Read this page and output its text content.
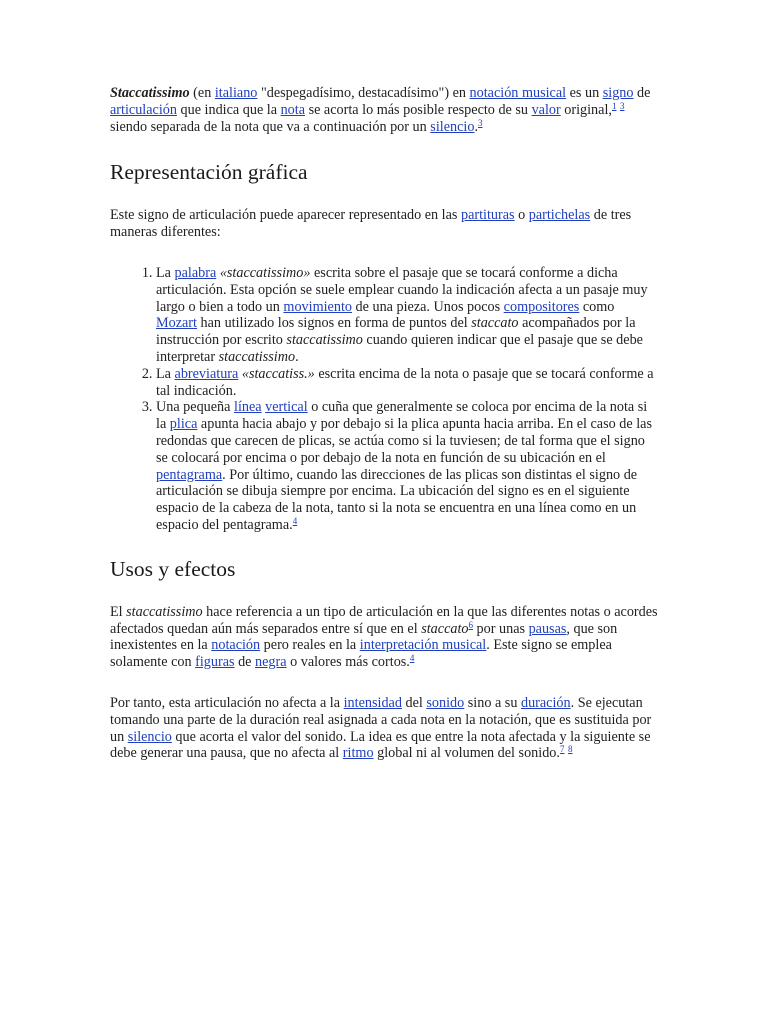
Staccatissimo (en italiano "despegadísimo, destacadísimo") en notación musical es un signo de articulación que indica que la nota se acorta lo más posible respecto de su valor original,$^1$ $^3$ siendo separada de la nota que va a continuación por un silencio.$^3$

Representación gráfica

Este signo de articulación puede aparecer representado en las partituras o partichelas de tres maneras diferentes:

1. La palabra «staccatissimo» escrita sobre el pasaje que se tocará conforme a dicha articulación. Esta opción se suele emplear cuando la indicación afecta a un pasaje muy largo o bien a todo un movimiento de una pieza. Unos pocos compositores como Mozart han utilizado los signos en forma de puntos del staccato acompañados por la instrucción por escrito staccatissimo cuando quieren indicar que el pasaje que se debe interpretar staccatissimo.
2. La abreviatura «staccatiss.» escrita encima de la nota o pasaje que se tocará conforme a tal indicación.
3. Una pequeña línea vertical o cuña que generalmente se coloca por encima de la nota si la plica apunta hacia abajo y por debajo si la plica apunta hacia arriba. En el caso de las redondas que carecen de plicas, se actúa como si la tuviesen; de tal forma que el signo se colocará por encima o por debajo de la nota en función de su ubicación en el pentagrama. Por último, cuando las direcciones de las plicas son distintas el signo de articulación se dibuja siempre por encima. La ubicación del signo es en el siguiente espacio de la cabeza de la nota, tanto si la nota se encuentra en una línea como en un espacio del pentagrama.$^4$
Usos y efectos

El staccatissimo hace referencia a un tipo de articulación en la que las diferentes notas o acordes afectados quedan aún más separados entre sí que en el staccato$^6$ por unas pausas, que son inexistentes en la notación pero reales en la interpretación musical. Este signo se emplea solamente con figuras de negra o valores más cortos.$^4$

Por tanto, esta articulación no afecta a la intensidad del sonido sino a su duración. Se ejecutan tomando una parte de la duración real asignada a cada nota en la notación, que es sustituida por un silencio que acorta el valor del sonido. La idea es que entre la nota afectada y la siguiente se debe generar una pausa, que no afecta al ritmo global ni al volumen del sonido.$^7$ $^8$
